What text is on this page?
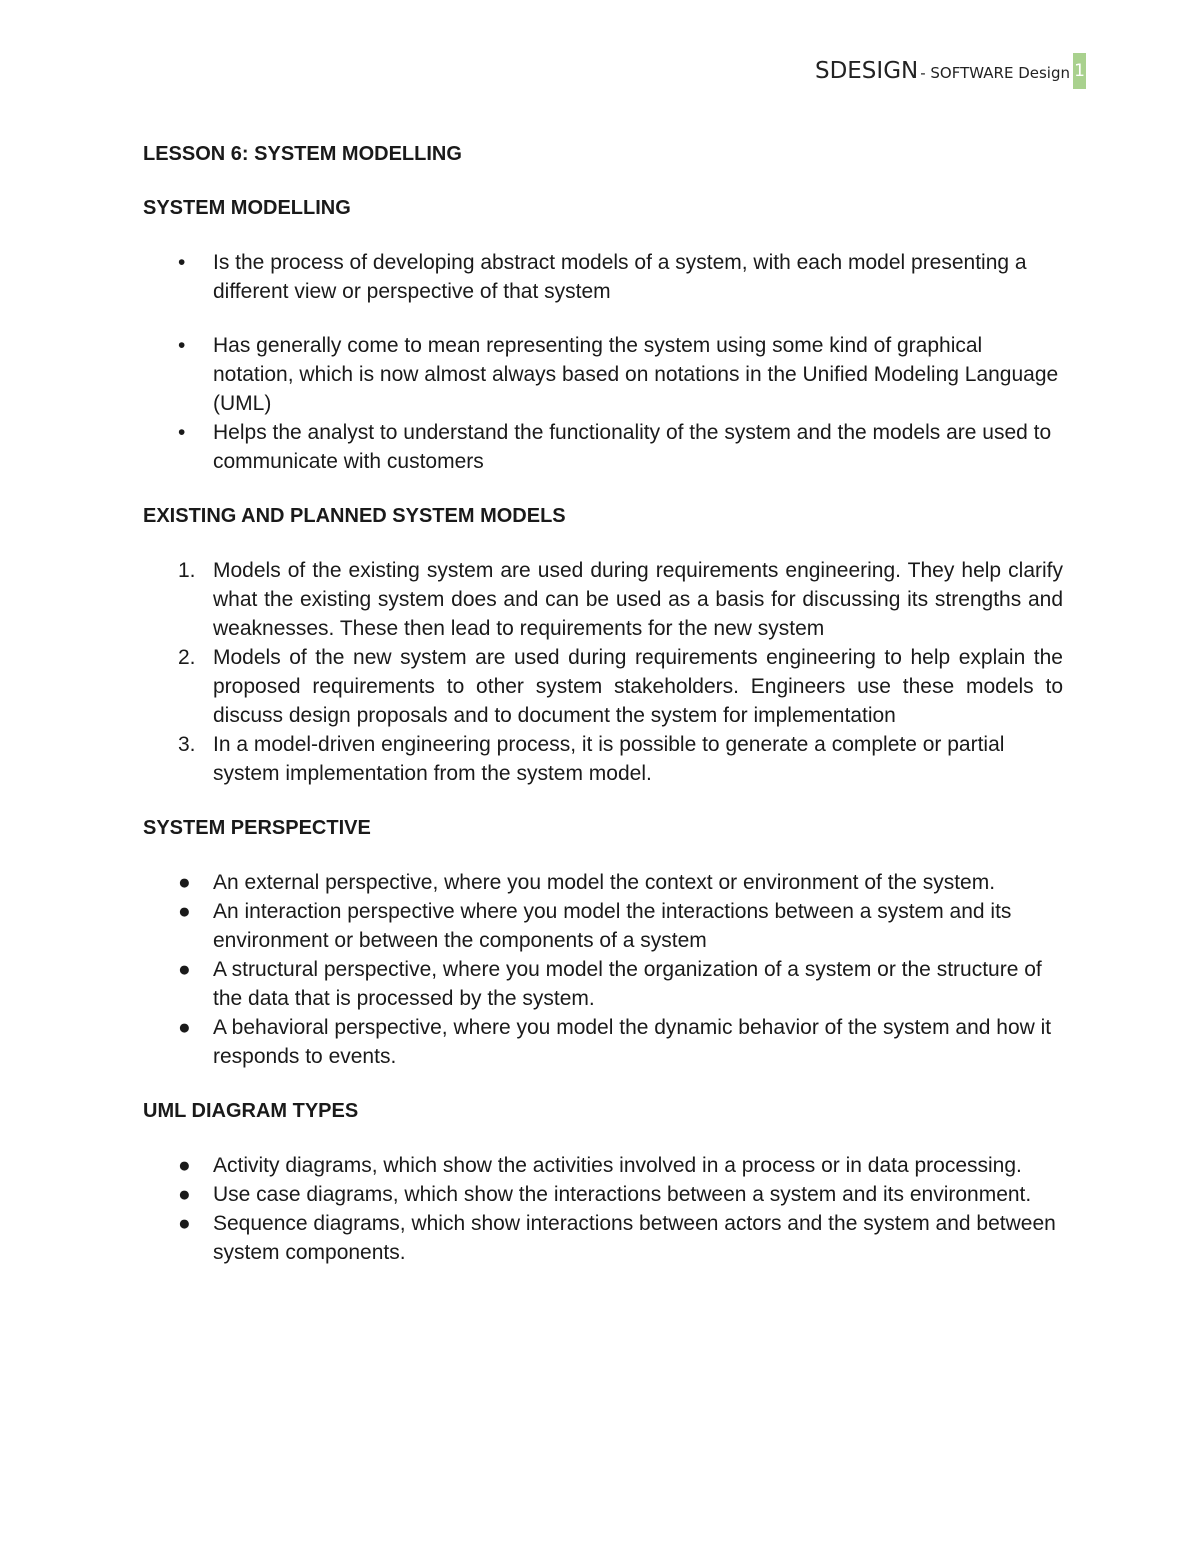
SDESIGN - SOFTWARE Design 1
LESSON 6: SYSTEM MODELLING
SYSTEM MODELLING
•	Is the process of developing abstract models of a system, with each model presenting a different view or perspective of that system
•	Has generally come to mean representing the system using some kind of graphical notation, which is now almost always based on notations in the Unified Modeling Language (UML)
•	Helps the analyst to understand the functionality of the system and the models are used to communicate with customers
EXISTING AND PLANNED SYSTEM MODELS
1. Models of the existing system are used during requirements engineering. They help clarify what the existing system does and can be used as a basis for discussing its strengths and weaknesses. These then lead to requirements for the new system
2. Models of the new system are used during requirements engineering to help explain the proposed requirements to other system stakeholders. Engineers use these models to discuss design proposals and to document the system for implementation
3. In a model-driven engineering process, it is possible to generate a complete or partial system implementation from the system model.
SYSTEM PERSPECTIVE
●	An external perspective, where you model the context or environment of the system.
●	An interaction perspective where you model the interactions between a system and its environment or between the components of a system
●	A structural perspective, where you model the organization of a system or the structure of the data that is processed by the system.
●	A behavioral perspective, where you model the dynamic behavior of the system and how it responds to events.
UML DIAGRAM TYPES
●	Activity diagrams, which show the activities involved in a process or in data processing.
●	Use case diagrams, which show the interactions between a system and its environment.
●	Sequence diagrams, which show interactions between actors and the system and between system components.
